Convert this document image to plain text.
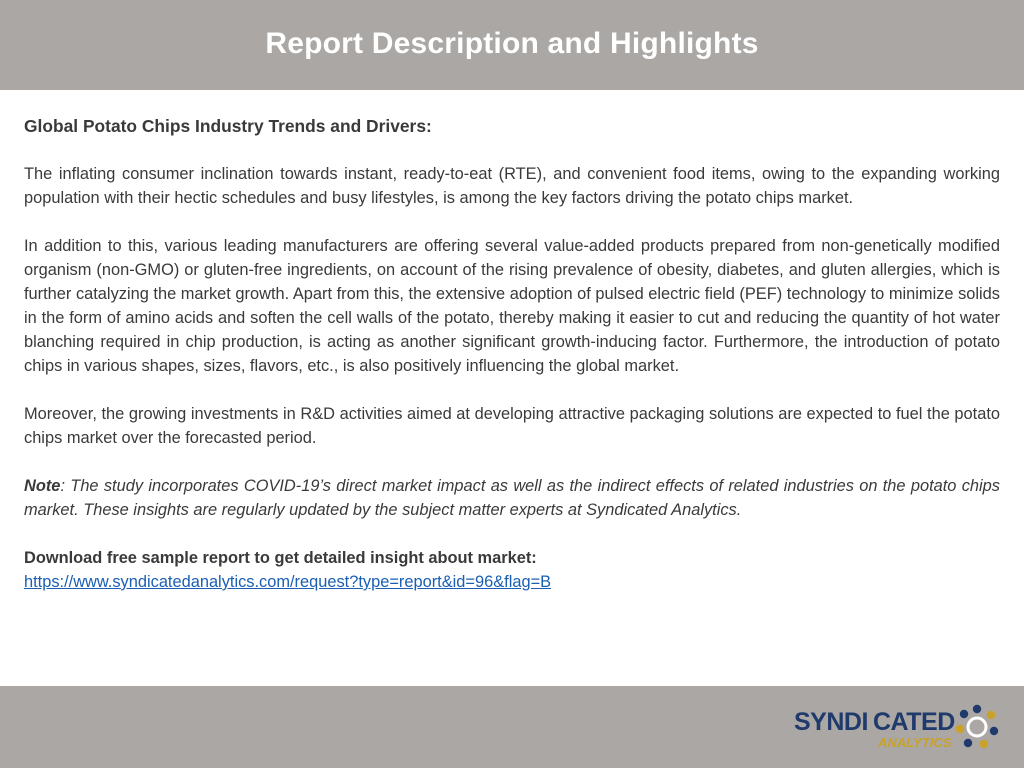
Report Description and Highlights

Global Potato Chips Industry Trends and Drivers:

The inflating consumer inclination towards instant, ready-to-eat (RTE), and convenient food items, owing to the expanding working population with their hectic schedules and busy lifestyles, is among the key factors driving the potato chips market.

In addition to this, various leading manufacturers are offering several value-added products prepared from non-genetically modified organism (non-GMO) or gluten-free ingredients, on account of the rising prevalence of obesity, diabetes, and gluten allergies, which is further catalyzing the market growth. Apart from this, the extensive adoption of pulsed electric field (PEF) technology to minimize solids in the form of amino acids and soften the cell walls of the potato, thereby making it easier to cut and reducing the quantity of hot water blanching required in chip production, is acting as another significant growth-inducing factor. Furthermore, the introduction of potato chips in various shapes, sizes, flavors, etc., is also positively influencing the global market.

Moreover, the growing investments in R&D activities aimed at developing attractive packaging solutions are expected to fuel the potato chips market over the forecasted period.

Note: The study incorporates COVID-19’s direct market impact as well as the indirect effects of related industries on the potato chips market. These insights are regularly updated by the subject matter experts at Syndicated Analytics.

Download free sample report to get detailed insight about market:
https://www.syndicatedanalytics.com/request?type=report&id=96&flag=B

SYNDI CATED
ANALYTICS
